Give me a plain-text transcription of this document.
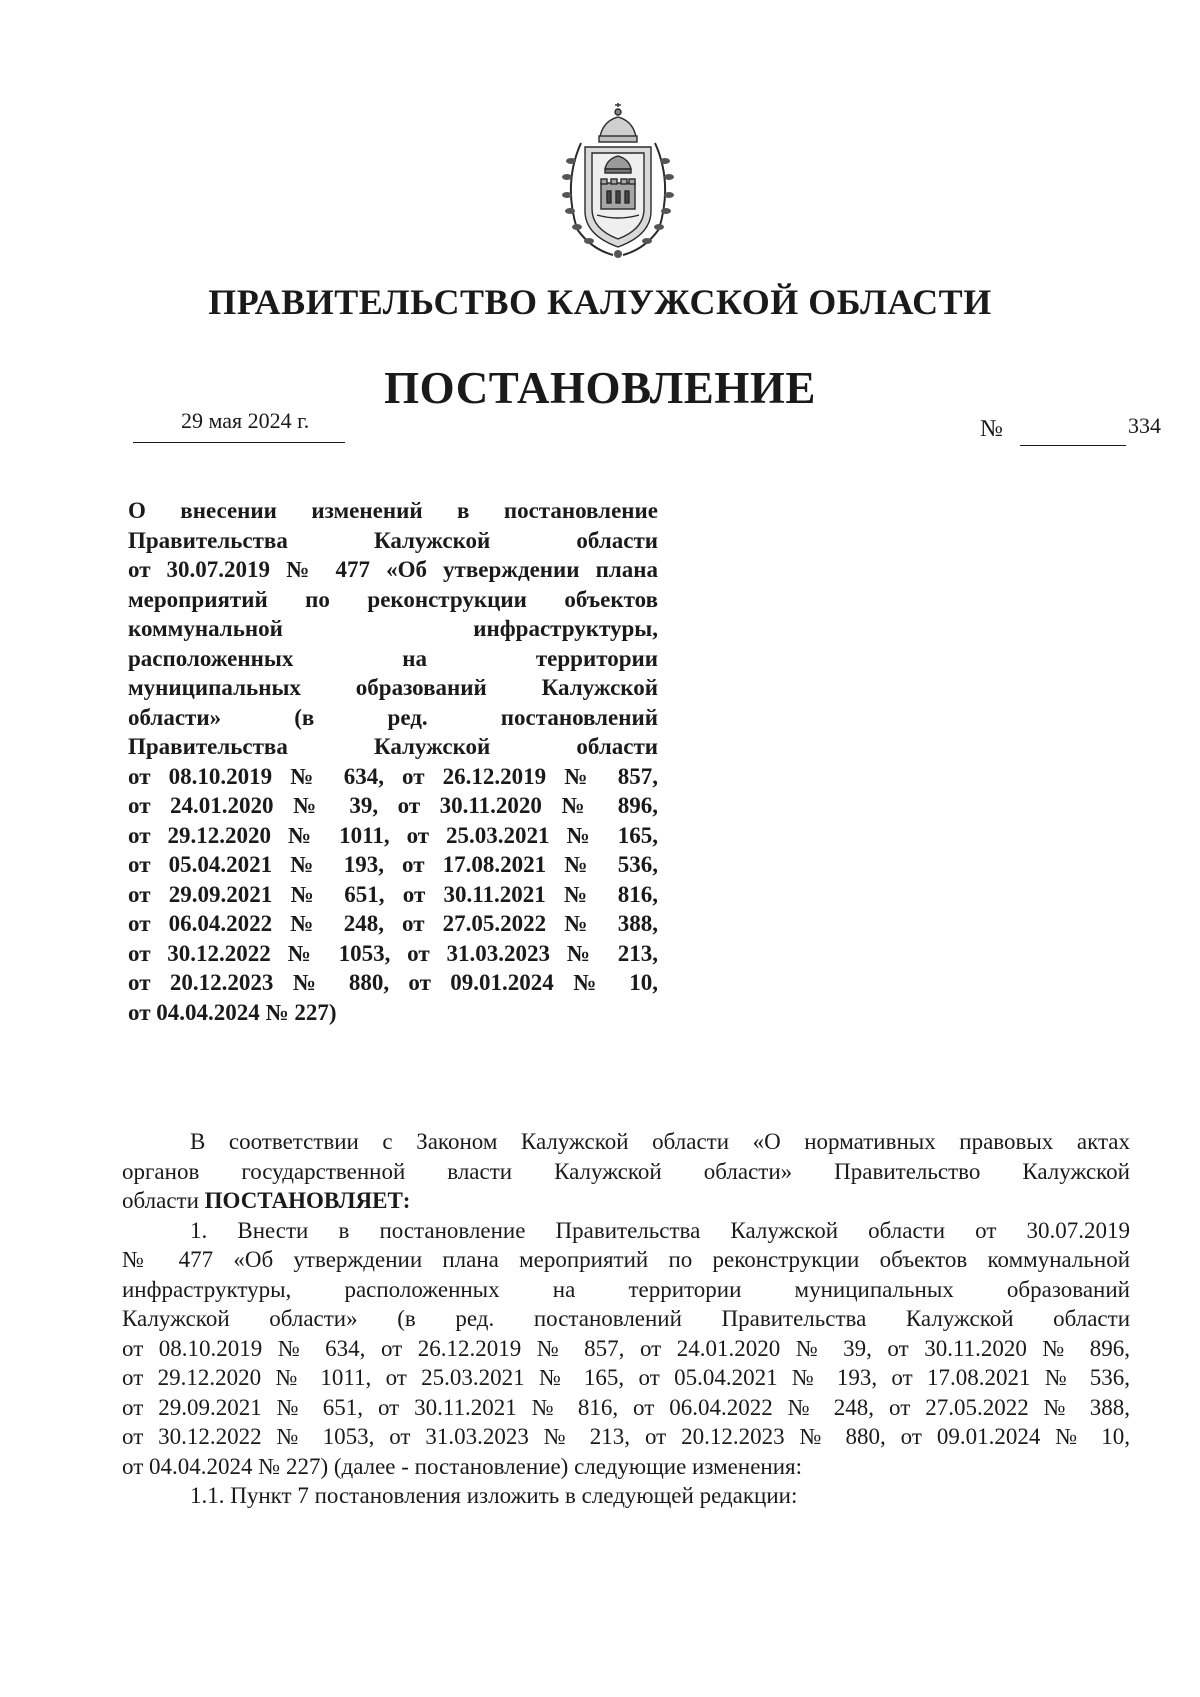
ПРАВИТЕЛЬСТВО КАЛУЖСКОЙ ОБЛАСТИ
ПОСТАНОВЛЕНИЕ
29 мая 2024 г.	№	334
О внесении изменений в постановление
Правительства Калужской области
от 30.07.2019 № 477 «Об утверждении плана
мероприятий по реконструкции объектов
коммунальной инфраструктуры,
расположенных на территории
муниципальных образований Калужской
области» (в ред. постановлений
Правительства Калужской области
от 08.10.2019 № 634, от 26.12.2019 № 857,
от 24.01.2020 № 39, от 30.11.2020 № 896,
от 29.12.2020 № 1011, от 25.03.2021 № 165,
от 05.04.2021 № 193, от 17.08.2021 № 536,
от 29.09.2021 № 651, от 30.11.2021 № 816,
от 06.04.2022 № 248, от 27.05.2022 № 388,
от 30.12.2022 № 1053, от 31.03.2023 № 213,
от 20.12.2023 № 880, от 09.01.2024 № 10,
от 04.04.2024 № 227)
В соответствии с Законом Калужской области «О нормативных правовых актах
органов государственной власти Калужской области» Правительство Калужской
области ПОСТАНОВЛЯЕТ:
1. Внести в постановление Правительства Калужской области от 30.07.2019
№ 477 «Об утверждении плана мероприятий по реконструкции объектов коммунальной
инфраструктуры, расположенных на территории муниципальных образований
Калужской области» (в ред. постановлений Правительства Калужской области
от 08.10.2019 № 634, от 26.12.2019 № 857, от 24.01.2020 № 39, от 30.11.2020 № 896,
от 29.12.2020 № 1011, от 25.03.2021 № 165, от 05.04.2021 № 193, от 17.08.2021 № 536,
от 29.09.2021 № 651, от 30.11.2021 № 816, от 06.04.2022 № 248, от 27.05.2022 № 388,
от 30.12.2022 № 1053, от 31.03.2023 № 213, от 20.12.2023 № 880, от 09.01.2024 № 10,
от 04.04.2024 № 227) (далее - постановление) следующие изменения:
1.1. Пункт 7 постановления изложить в следующей редакции:
